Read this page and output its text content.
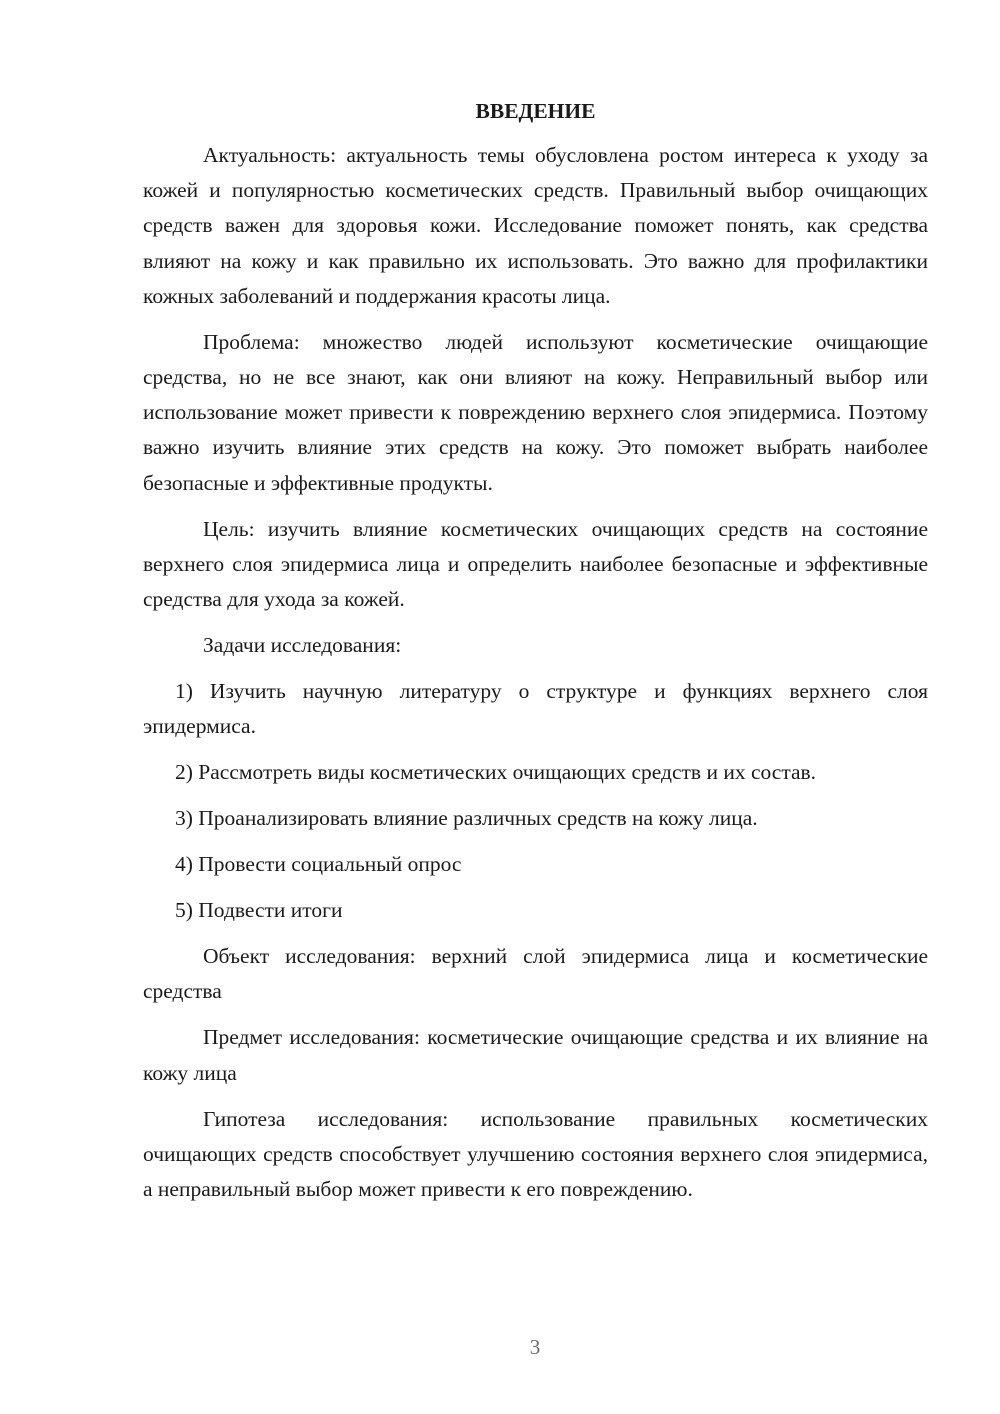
ВВЕДЕНИЕ

Актуальность: актуальность темы обусловлена ростом интереса к уходу за кожей и популярностью косметических средств. Правильный выбор очищающих средств важен для здоровья кожи. Исследование поможет понять, как средства влияют на кожу и как правильно их использовать. Это важно для профилактики кожных заболеваний и поддержания красоты лица.

Проблема: множество людей используют косметические очищающие средства, но не все знают, как они влияют на кожу. Неправильный выбор или использование может привести к повреждению верхнего слоя эпидермиса. Поэтому важно изучить влияние этих средств на кожу. Это поможет выбрать наиболее безопасные и эффективные продукты.

Цель: изучить влияние косметических очищающих средств на состояние верхнего слоя эпидермиса лица и определить наиболее безопасные и эффективные средства для ухода за кожей.

Задачи исследования:

1) Изучить научную литературу о структуре и функциях верхнего слоя эпидермиса.
2) Рассмотреть виды косметических очищающих средств и их состав.
3) Проанализировать влияние различных средств на кожу лица.
4) Провести социальный опрос
5) Подвести итоги

Объект исследования: верхний слой эпидермиса лица и косметические средства

Предмет исследования: косметические очищающие средства и их влияние на кожу лица

Гипотеза исследования: использование правильных косметических очищающих средств способствует улучшению состояния верхнего слоя эпидермиса, а неправильный выбор может привести к его повреждению.

3
